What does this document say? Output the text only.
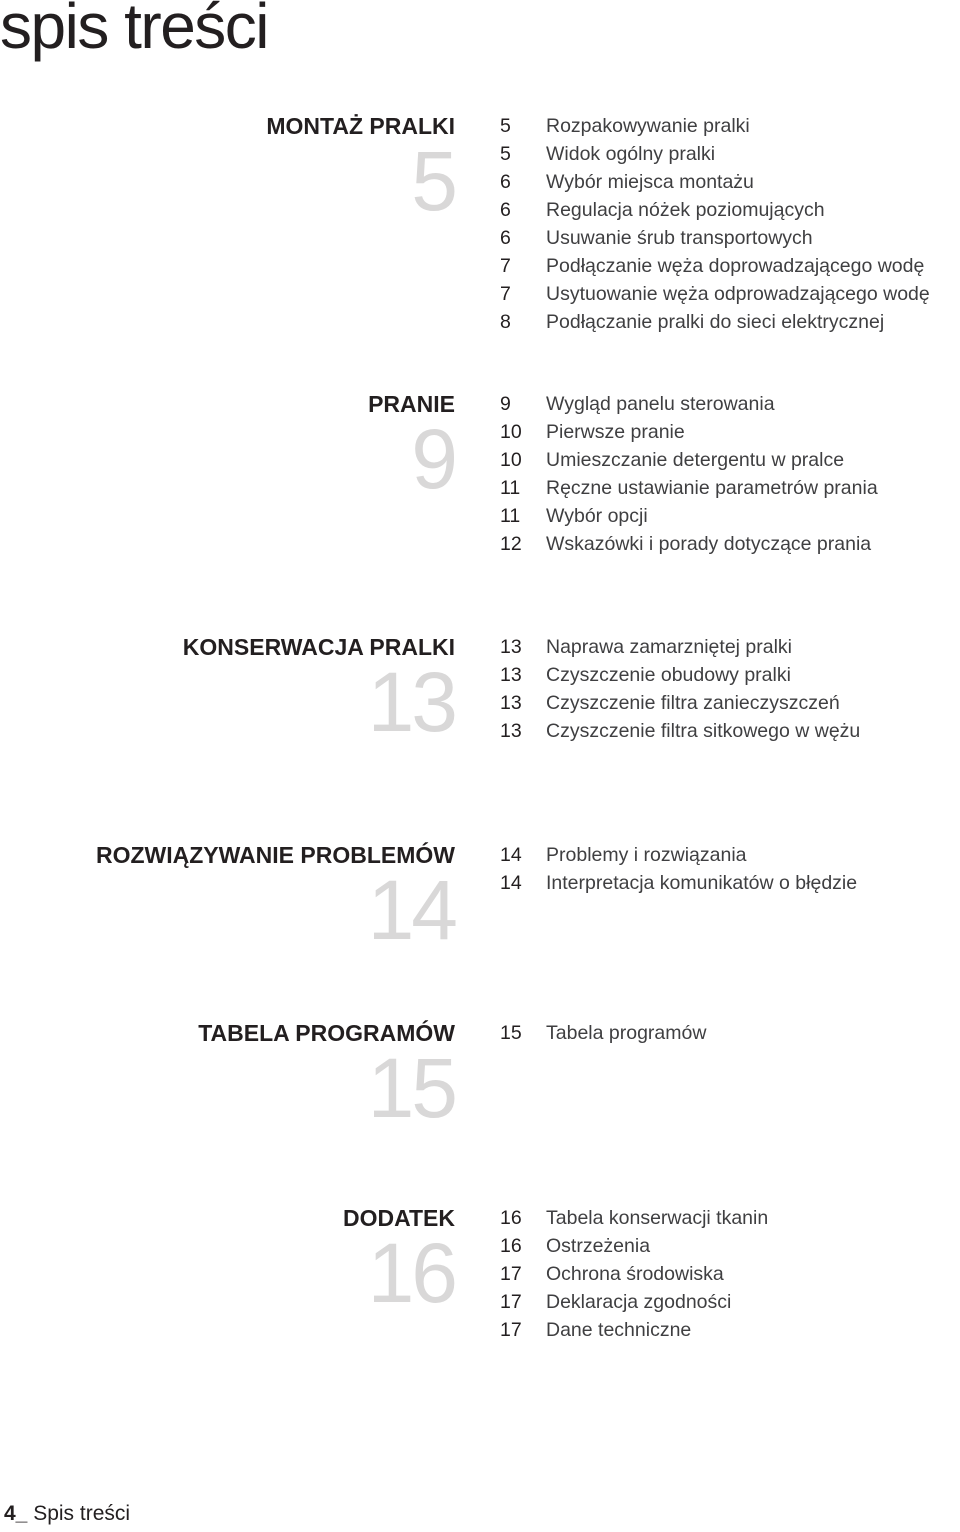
spis treści
MONTAŻ PRALKI
5
5 Rozpakowywanie pralki
5 Widok ogólny pralki
6 Wybór miejsca montażu
6 Regulacja nóżek poziomujących
6 Usuwanie śrub transportowych
7 Podłączanie węża doprowadzającego wodę
7 Usytuowanie węża odprowadzającego wodę
8 Podłączanie pralki do sieci elektrycznej
PRANIE
9
9 Wygląd panelu sterowania
10 Pierwsze pranie
10 Umieszczanie detergentu w pralce
11 Ręczne ustawianie parametrów prania
11 Wybór opcji
12 Wskazówki i porady dotyczące prania
KONSERWACJA PRALKI
13
13 Naprawa zamarzniętej pralki
13 Czyszczenie obudowy pralki
13 Czyszczenie filtra zanieczyszczeń
13 Czyszczenie filtra sitkowego w wężu
ROZWIĄZYWANIE PROBLEMÓW
14
14 Problemy i rozwiązania
14 Interpretacja komunikatów o błędzie
TABELA PROGRAMÓW
15
15 Tabela programów
DODATEK
16
16 Tabela konserwacji tkanin
16 Ostrzeżenia
17 Ochrona środowiska
17 Deklaracja zgodności
17 Dane techniczne
4_ Spis treści
